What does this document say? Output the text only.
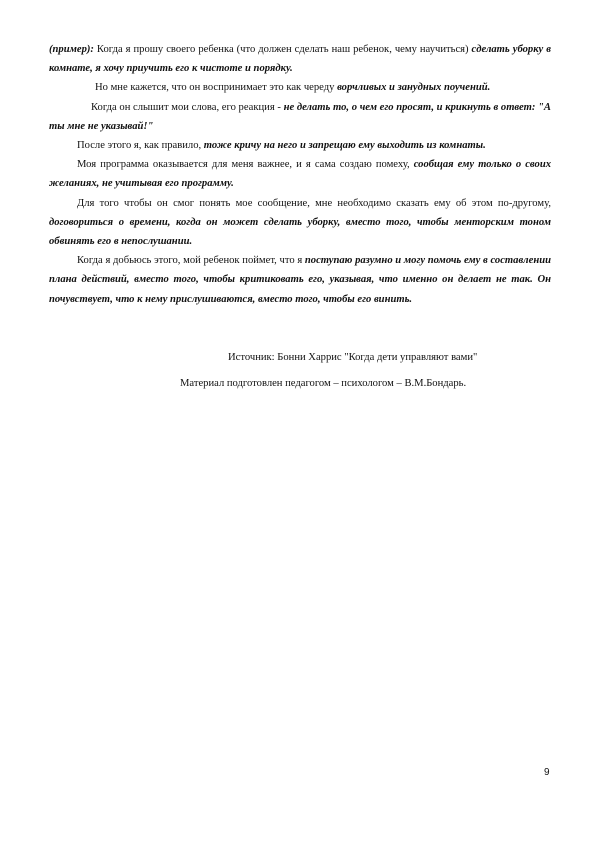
(пример): Когда я прошу своего ребенка (что должен сделать наш ребенок, чему научиться) сделать уборку в комнате, я хочу приучить его к чистоте и порядку.

Но мне кажется, что он воспринимает это как череду ворчливых и занудных поучений.

Когда он слышит мои слова, его реакция - не делать то, о чем его просят, и крикнуть в ответ: "А ты мне не указывай!"

После этого я, как правило, тоже кричу на него и запрещаю ему выходить из комнаты.

Моя программа оказывается для меня важнее, и я сама создаю помеху, сообщая ему только о своих желаниях, не учитывая его программу.

Для того чтобы он смог понять мое сообщение, мне необходимо сказать ему об этом по-другому, договориться о времени, когда он может сделать уборку, вместо того, чтобы менторским тоном обвинять его в непослушании.

Когда я добьюсь этого, мой ребенок поймет, что я поступаю разумно и могу помочь ему в составлении плана действий, вместо того, чтобы критиковать его, указывая, что именно он делает не так. Он почувствует, что к нему прислушиваются, вместо того, чтобы его винить.

Источник: Бонни Харрис "Когда дети управляют вами"
Материал подготовлен педагогом – психологом – В.М.Бондарь.
9
